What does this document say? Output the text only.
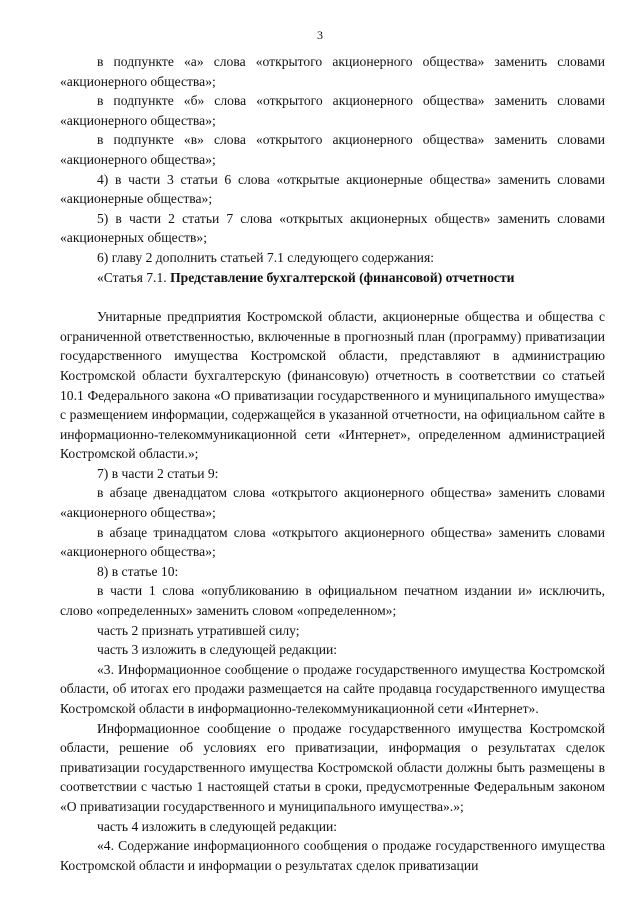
3
в подпункте «а» слова «открытого акционерного общества» заменить словами «акционерного общества»;
в подпункте «б» слова «открытого акционерного общества» заменить словами «акционерного общества»;
в подпункте «в» слова «открытого акционерного общества» заменить словами «акционерного общества»;
4) в части 3 статьи 6 слова «открытые акционерные общества» заменить словами «акционерные общества»;
5) в части 2 статьи 7 слова «открытых акционерных обществ» заменить словами «акционерных обществ»;
6) главу 2 дополнить статьей 7.1 следующего содержания:
«Статья 7.1. Представление бухгалтерской (финансовой) отчетности
Унитарные предприятия Костромской области, акционерные общества и общества с ограниченной ответственностью, включенные в прогнозный план (программу) приватизации государственного имущества Костромской области, представляют в администрацию Костромской области бухгалтерскую (финансовую) отчетность в соответствии со статьей 10.1 Федерального закона «О приватизации государственного и муниципального имущества» с размещением информации, содержащейся в указанной отчетности, на официальном сайте в информационно-телекоммуникационной сети «Интернет», определенном администрацией Костромской области.»;
7) в части 2 статьи 9:
в абзаце двенадцатом слова «открытого акционерного общества» заменить словами «акционерного общества»;
в абзаце тринадцатом слова «открытого акционерного общества» заменить словами «акционерного общества»;
8) в статье 10:
в части 1 слова «опубликованию в официальном печатном издании и» исключить, слово «определенных» заменить словом «определенном»;
часть 2 признать утратившей силу;
часть 3 изложить в следующей редакции:
«3. Информационное сообщение о продаже государственного имущества Костромской области, об итогах его продажи размещается на сайте продавца государственного имущества Костромской области в информационно-телекоммуникационной сети «Интернет».
Информационное сообщение о продаже государственного имущества Костромской области, решение об условиях его приватизации, информация о результатах сделок приватизации государственного имущества Костромской области должны быть размещены в соответствии с частью 1 настоящей статьи в сроки, предусмотренные Федеральным законом «О приватизации государственного и муниципального имущества».»;
часть 4 изложить в следующей редакции:
«4. Содержание информационного сообщения о продаже государственного имущества Костромской области и информации о результатах сделок приватизации
